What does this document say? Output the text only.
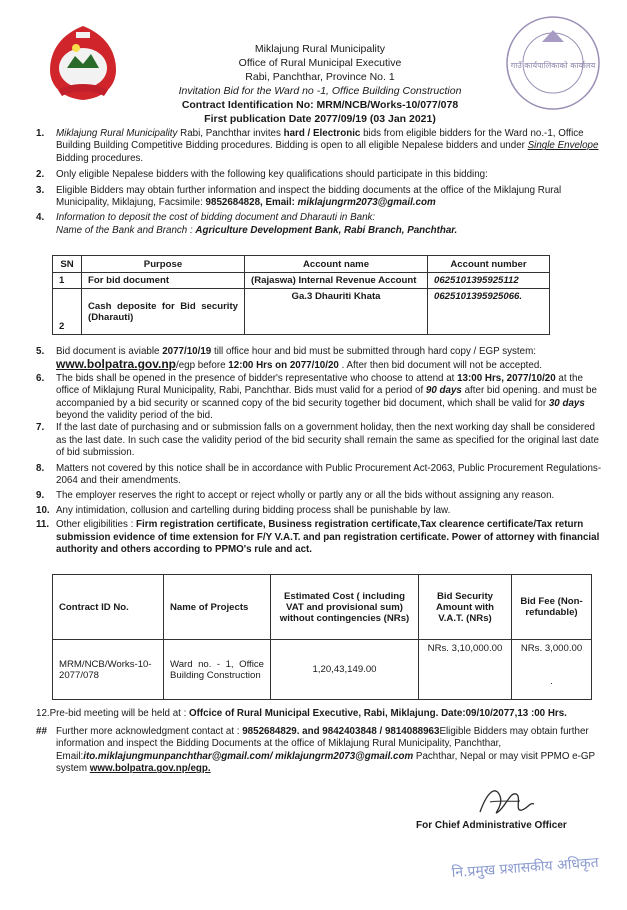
गाउँ कार्यपालिकाको कार्यालय
Miklajung Rural Municipality
Office of Rural Municipal Executive
Rabi, Panchthar, Province No. 1
Invitation Bid for the Ward no -1, Office Building Construction
Contract Identification No: MRM/NCB/Works-10/077/078
First publication Date 2077/09/19 (03 Jan 2021)

1. Miklajung Rural Municipality Rabi, Panchthar invites hard / Electronic bids from eligible bidders for the Ward no.-1, Office Building Building Competitive Bidding procedures. Bidding is open to all eligible Nepalese bidders and under Single Envelope Bidding procedures.

2. Only eligible Nepalese bidders with the following key qualifications should participate in this bidding:

3. Eligible Bidders may obtain further information and inspect the bidding documents at the office of the Miklajung Rural Municipality, Miklajung, Facsimile: 9852684828, Email: miklajungrm2073@gmail.com

4. Information to deposit the cost of bidding document and Dharauti in Bank:
Name of the Bank and Branch : Agriculture Development Bank, Rabi Branch, Panchthar.

SN	Purpose	Account name	Account number
1	For bid document	(Rajaswa) Internal Revenue Account	0625101395925112
2	Cash deposite for Bid security (Dharauti)	Ga.3 Dhauriti Khata	0625101395925066.

5. Bid document is aviable 2077/10/19 till office hour and bid must be submitted through hard copy / EGP system: www.bolpatra.gov.np/egp before 12:00 Hrs on 2077/10/20 . After then bid document will not be accepted.

6. The bids shall be opened in the presence of bidder's representative who choose to attend at 13:00 Hrs, 2077/10/20 at the office of Miklajung Rural Municipality, Rabi, Panchthar. Bids must valid for a period of 90 days after bid opening. and must be accompanied by a bid security or scanned copy of the bid security together bid document, which shall be valid for 30 days beyond the validity period of the bid.

7. If the last date of purchasing and or submission falls on a government holiday, then the next working day shall be considered as the last date. In such case the validity period of the bid security shall remain the same as specified for the original last date of bid submission.

8. Matters not covered by this notice shall be in accordance with Public Procurement Act-2063, Public Procurement Regulations-2064 and their amendments.

9. The employer reserves the right to accept or reject wholly or partly any or all the bids without assigning any reason.

10. Any intimidation, collusion and cartelling during bidding process shall be punishable by law.

11. Other eligibilities : Firm registration certificate, Business registration certificate,Tax clearence certificate/Tax return submission evidence of time extension for F/Y V.A.T. and pan registration certificate. Power of attorney with financial authority and others according to PPMO's rule and act.

Contract ID No.	Name of Projects	Estimated Cost ( including VAT and provisional sum) without contingencies (NRs)	Bid Security Amount with V.A.T. (NRs)	Bid Fee (Non-refundable)
MRM/NCB/Works-10-2077/078	Ward no. - 1, Office Building Construction	1,20,43,149.00	NRs. 3,10,000.00	NRs. 3,000.00
.

12.Pre-bid meeting will be held at : Offcice of Rural Municipal Executive, Rabi, Miklajung. Date:09/10/2077,13 :00 Hrs.

## Further more acknowledgment contact at : 9852684829. and 9842403848 / 9814088963Eligible Bidders may obtain further information and inspect the Bidding Documents at the office of Miklajung Rural Municipality, Panchthar, Email:ito.miklajungmunpanchthar@gmail.com/ miklajungrm2073@gmail.com Pachthar, Nepal or may visit PPMO e-GP system www.bolpatra.gov.np/egp.

For Chief Administrative Officer
नि.प्रमुख प्रशासकीय अधिकृत
